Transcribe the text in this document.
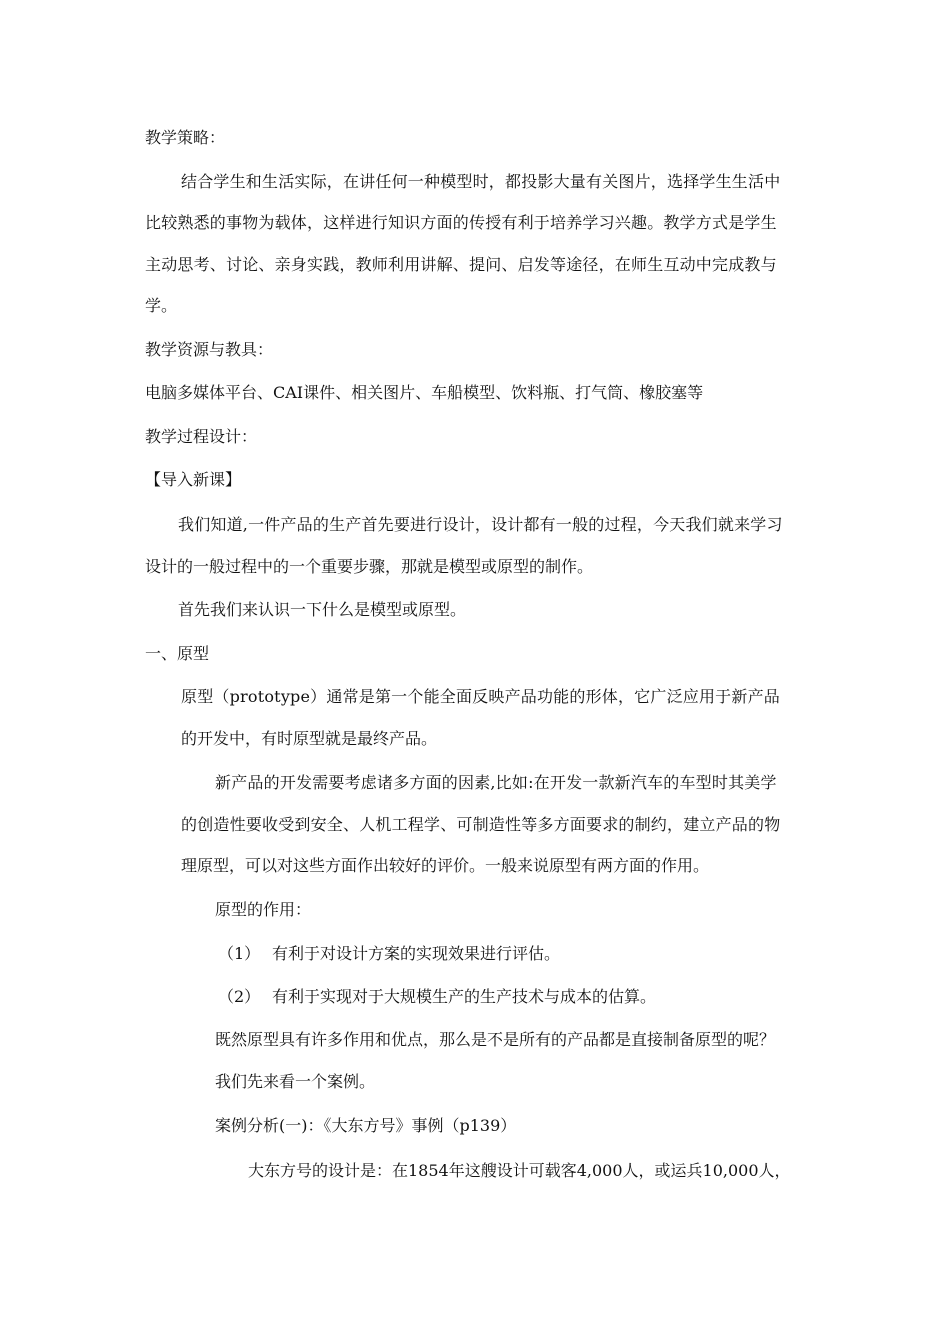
教学策略：
结合学生和生活实际，在讲任何一种模型时，都投影大量有关图片，选择学生生活中
比较熟悉的事物为载体，这样进行知识方面的传授有利于培养学习兴趣。教学方式是学生
主动思考、讨论、亲身实践，教师利用讲解、提问、启发等途径，在师生互动中完成教与
学。
教学资源与教具：
电脑多媒体平台、CAI课件、相关图片、车船模型、饮料瓶、打气筒、橡胶塞等
教学过程设计：
【导入新课】
我们知道,一件产品的生产首先要进行设计，设计都有一般的过程，今天我们就来学习
设计的一般过程中的一个重要步骤，那就是模型或原型的制作。
首先我们来认识一下什么是模型或原型。
一、原型
原型（prototype）通常是第一个能全面反映产品功能的形体，它广泛应用于新产品
的开发中，有时原型就是最终产品。
新产品的开发需要考虑诸多方面的因素,比如:在开发一款新汽车的车型时其美学
的创造性要收受到安全、人机工程学、可制造性等多方面要求的制约，建立产品的物
理原型，可以对这些方面作出较好的评价。一般来说原型有两方面的作用。
原型的作用：
（1） 有利于对设计方案的实现效果进行评估。
（2） 有利于实现对于大规模生产的生产技术与成本的估算。
既然原型具有许多作用和优点，那么是不是所有的产品都是直接制备原型的呢？
我们先来看一个案例。
案例分析(一)：《大东方号》事例（p139）
大东方号的设计是：在1854年这艘设计可载客4,000人，或运兵10,000人，
